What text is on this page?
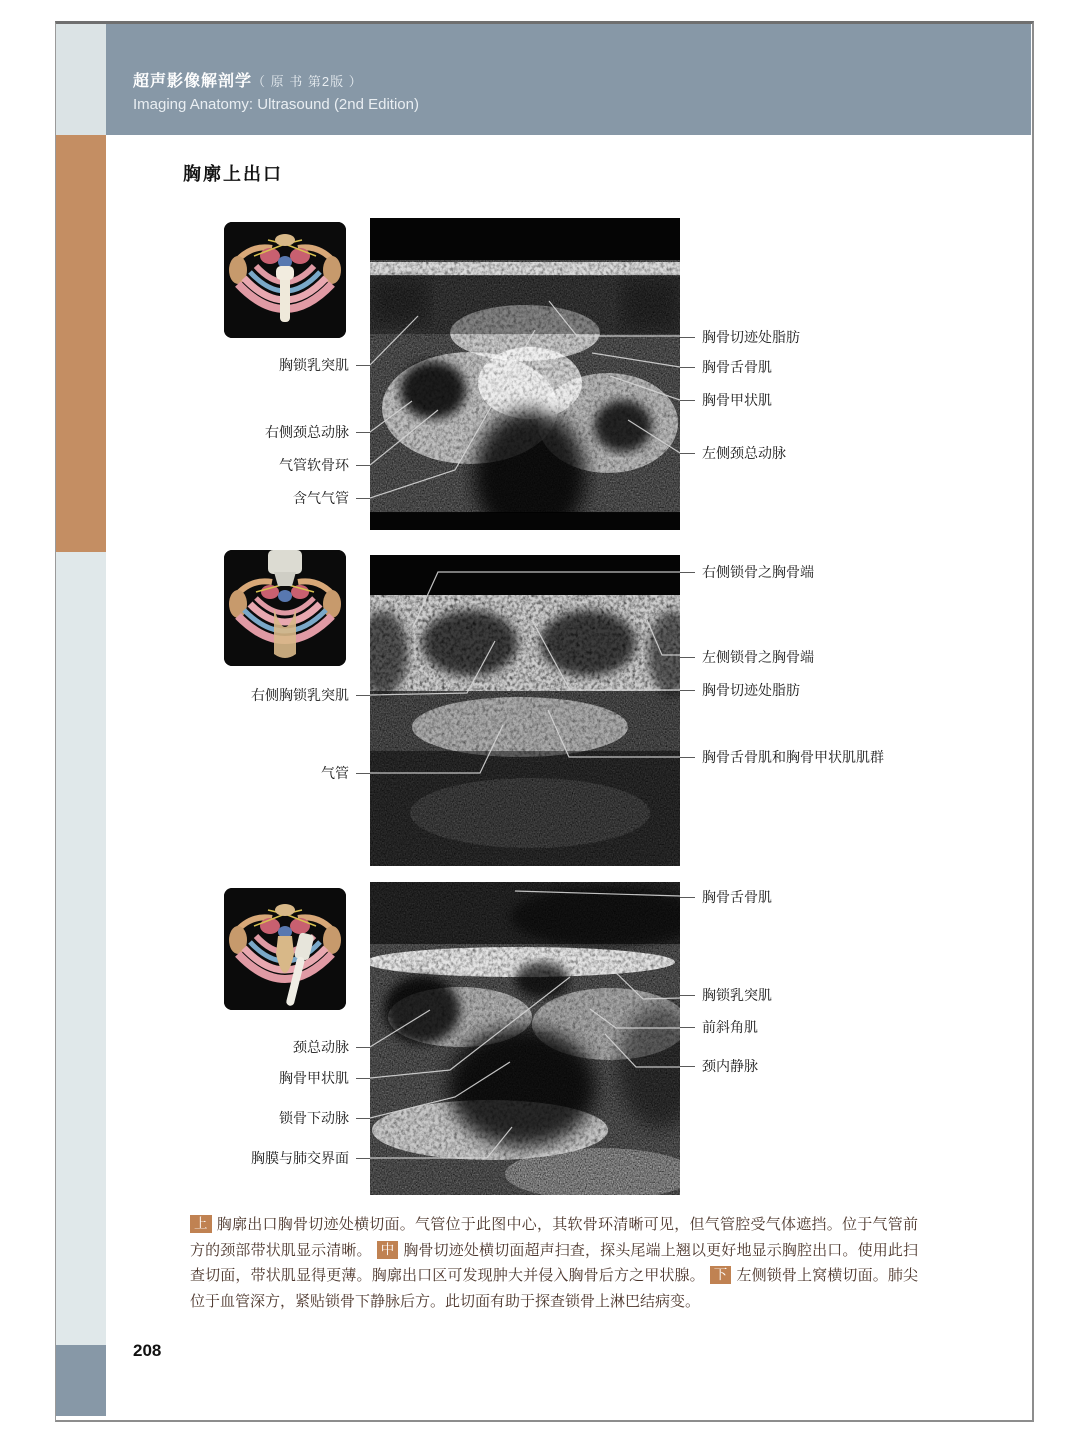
超声影像解剖学（ 原 书 第2版 ）
Imaging Anatomy: Ultrasound (2nd Edition)
胸廓上出口
胸锁乳突肌
右侧颈总动脉
气管软骨环
含气气管
胸骨切迹处脂肪
胸骨舌骨肌
胸骨甲状肌
左侧颈总动脉
右侧胸锁乳突肌
气管
右侧锁骨之胸骨端
左侧锁骨之胸骨端
胸骨切迹处脂肪
胸骨舌骨肌和胸骨甲状肌肌群
颈总动脉
胸骨甲状肌
锁骨下动脉
胸膜与肺交界面
胸骨舌骨肌
胸锁乳突肌
前斜角肌
颈内静脉
上 胸廓出口胸骨切迹处横切面。气管位于此图中心，其软骨环清晰可见，但气管腔受气体遮挡。位于气管前方的颈部带状肌显示清晰。 中 胸骨切迹处横切面超声扫查，探头尾端上翘以更好地显示胸腔出口。使用此扫查切面，带状肌显得更薄。胸廓出口区可发现肿大并侵入胸骨后方之甲状腺。 下 左侧锁骨上窝横切面。肺尖位于血管深方，紧贴锁骨下静脉后方。此切面有助于探查锁骨上淋巴结病变。
208
